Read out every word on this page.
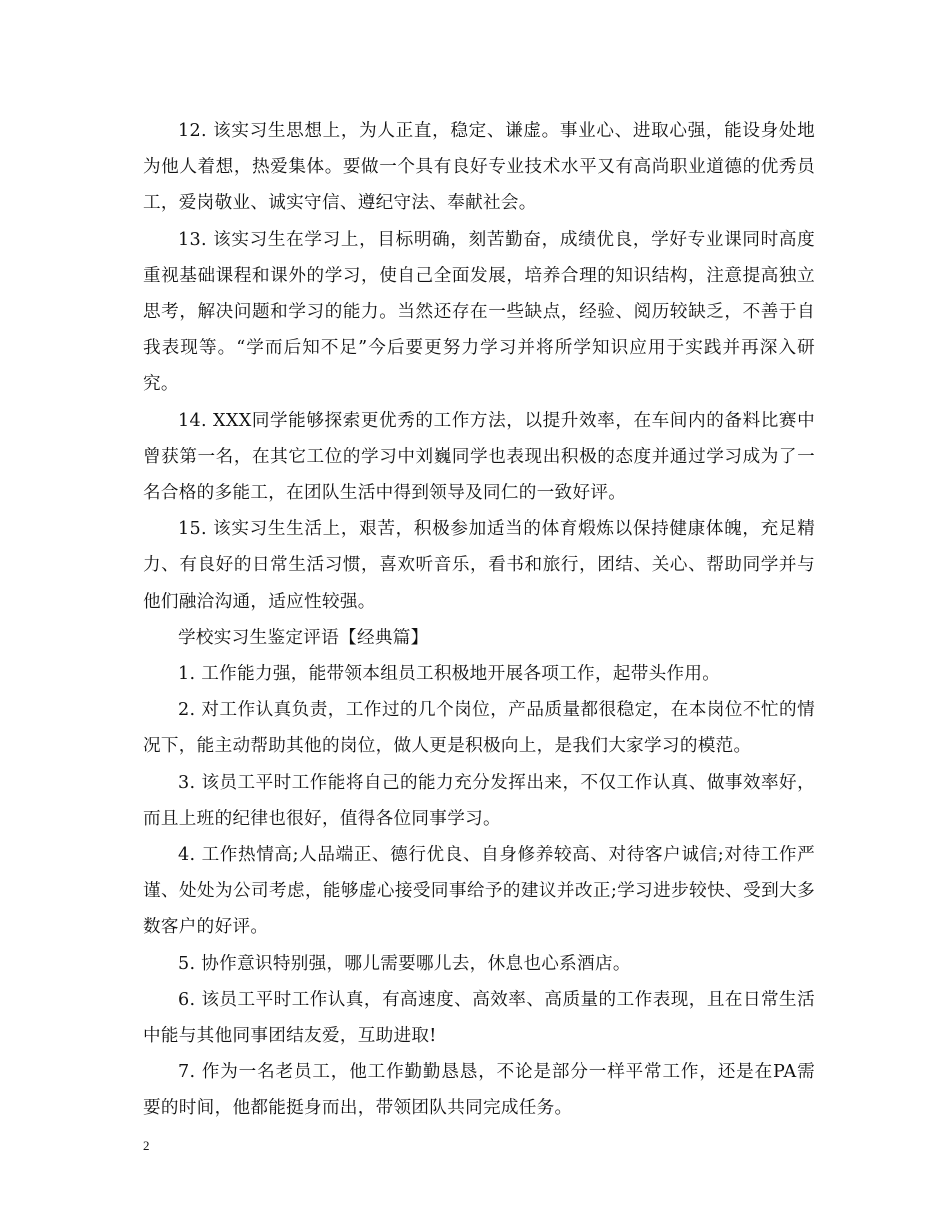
12. 该实习生思想上，为人正直，稳定、谦虚。事业心、进取心强，能设身处地为他人着想，热爱集体。要做一个具有良好专业技术水平又有高尚职业道德的优秀员工，爱岗敬业、诚实守信、遵纪守法、奉献社会。

13. 该实习生在学习上，目标明确，刻苦勤奋，成绩优良，学好专业课同时高度重视基础课程和课外的学习，使自己全面发展，培养合理的知识结构，注意提高独立思考，解决问题和学习的能力。当然还存在一些缺点，经验、阅历较缺乏，不善于自我表现等。“学而后知不足”今后要更努力学习并将所学知识应用于实践并再深入研究。

14. XXX同学能够探索更优秀的工作方法，以提升效率，在车间内的备料比赛中曾获第一名，在其它工位的学习中刘巍同学也表现出积极的态度并通过学习成为了一名合格的多能工，在团队生活中得到领导及同仁的一致好评。

15. 该实习生生活上，艰苦，积极参加适当的体育煅炼以保持健康体魄，充足精力、有良好的日常生活习惯，喜欢听音乐，看书和旅行，团结、关心、帮助同学并与他们融洽沟通，适应性较强。

学校实习生鉴定评语【经典篇】

1. 工作能力强，能带领本组员工积极地开展各项工作，起带头作用。

2. 对工作认真负责，工作过的几个岗位，产品质量都很稳定，在本岗位不忙的情况下，能主动帮助其他的岗位，做人更是积极向上，是我们大家学习的模范。

3. 该员工平时工作能将自己的能力充分发挥出来，不仅工作认真、做事效率好，而且上班的纪律也很好，值得各位同事学习。

4. 工作热情高;人品端正、德行优良、自身修养较高、对待客户诚信;对待工作严谨、处处为公司考虑，能够虚心接受同事给予的建议并改正;学习进步较快、受到大多数客户的好评。

5. 协作意识特别强，哪儿需要哪儿去，休息也心系酒店。

6. 该员工平时工作认真，有高速度、高效率、高质量的工作表现，且在日常生活中能与其他同事团结友爱，互助进取!

7. 作为一名老员工，他工作勤勤恳恳，不论是部分一样平常工作，还是在PA需要的时间，他都能挺身而出，带领团队共同完成任务。

2
